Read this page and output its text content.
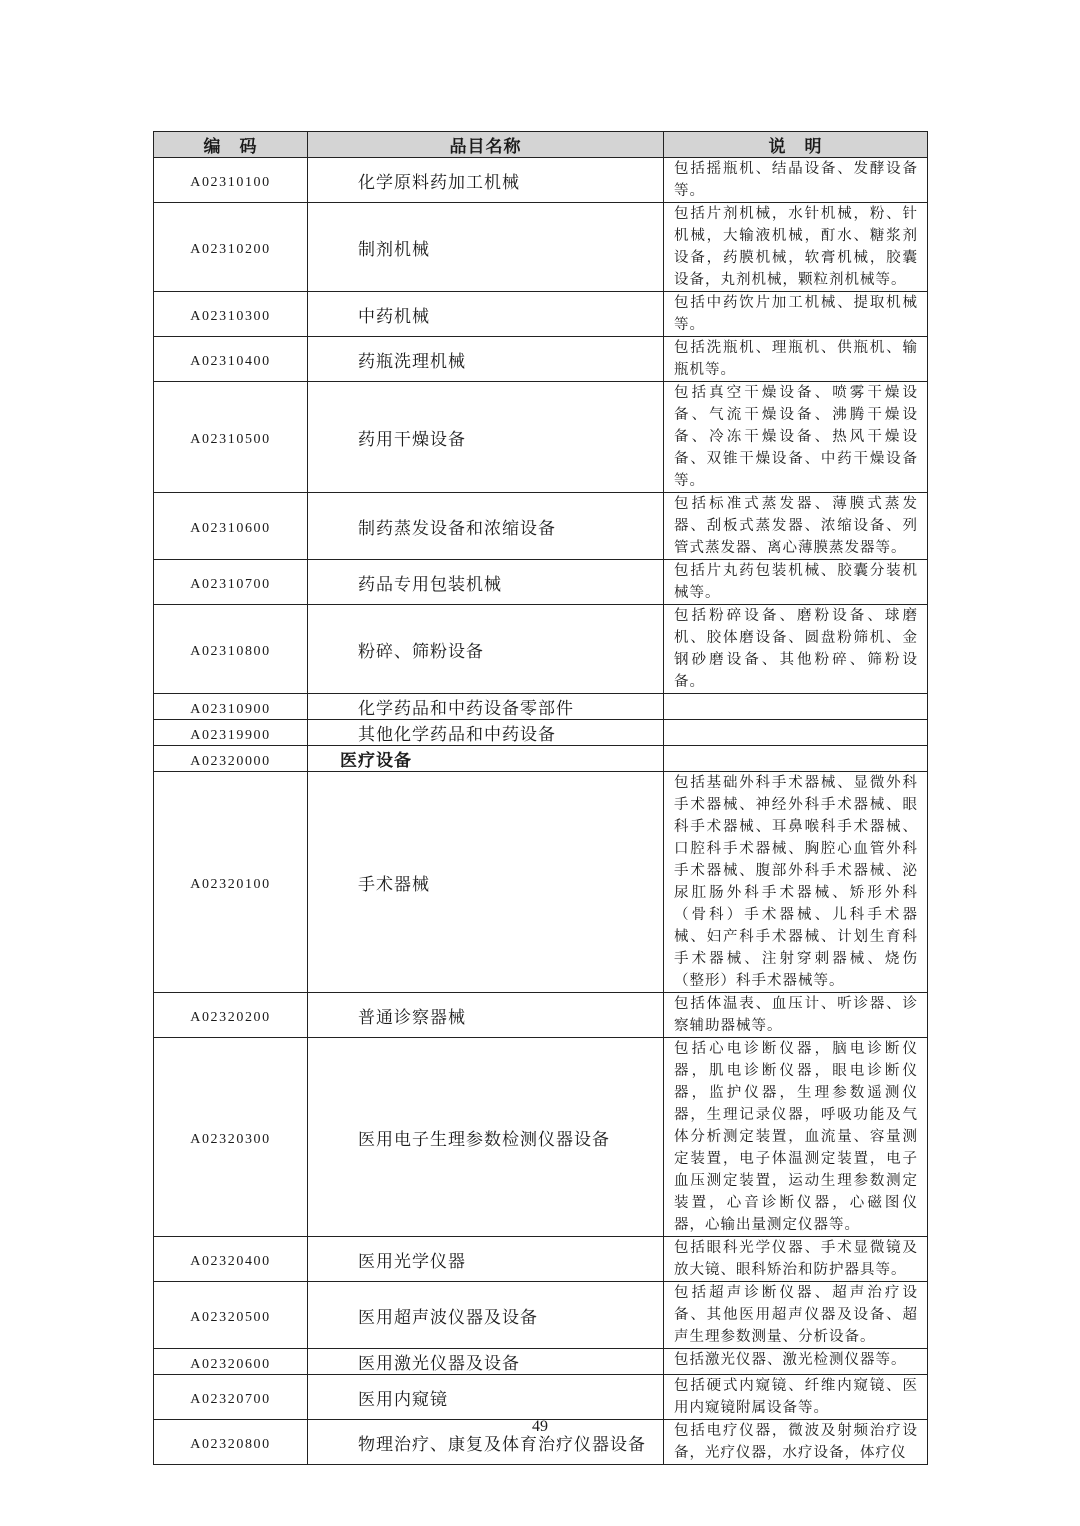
编　码	品目名称	说　明
A02310100	化学原料药加工机械	包括摇瓶机、结晶设备、发酵设备等。
A02310200	制剂机械	包括片剂机械，水针机械，粉、针机械，大输液机械，酊水、糖浆剂设备，药膜机械，软膏机械，胶囊设备，丸剂机械，颗粒剂机械等。
A02310300	中药机械	包括中药饮片加工机械、提取机械等。
A02310400	药瓶洗理机械	包括洗瓶机、理瓶机、供瓶机、输瓶机等。
A02310500	药用干燥设备	包括真空干燥设备、喷雾干燥设备、气流干燥设备、沸腾干燥设备、冷冻干燥设备、热风干燥设备、双锥干燥设备、中药干燥设备等。
A02310600	制药蒸发设备和浓缩设备	包括标准式蒸发器、薄膜式蒸发器、刮板式蒸发器、浓缩设备、列管式蒸发器、离心薄膜蒸发器等。
A02310700	药品专用包装机械	包括片丸药包装机械、胶囊分装机械等。
A02310800	粉碎、筛粉设备	包括粉碎设备、磨粉设备、球磨机、胶体磨设备、圆盘粉筛机、金钢砂磨设备、其他粉碎、筛粉设备。
A02310900	化学药品和中药设备零部件	
A02319900	其他化学药品和中药设备	
A02320000	医疗设备	
A02320100	手术器械	包括基础外科手术器械、显微外科手术器械、神经外科手术器械、眼科手术器械、耳鼻喉科手术器械、口腔科手术器械、胸腔心血管外科手术器械、腹部外科手术器械、泌尿肛肠外科手术器械、矫形外科（骨科）手术器械、儿科手术器械、妇产科手术器械、计划生育科手术器械、注射穿刺器械、烧伤（整形）科手术器械等。
A02320200	普通诊察器械	包括体温表、血压计、听诊器、诊察辅助器械等。
A02320300	医用电子生理参数检测仪器设备	包括心电诊断仪器，脑电诊断仪器，肌电诊断仪器，眼电诊断仪器，监护仪器，生理参数遥测仪器，生理记录仪器，呼吸功能及气体分析测定装置，血流量、容量测定装置，电子体温测定装置，电子血压测定装置，运动生理参数测定装置，心音诊断仪器，心磁图仪器，心输出量测定仪器等。
A02320400	医用光学仪器	包括眼科光学仪器、手术显微镜及放大镜、眼科矫治和防护器具等。
A02320500	医用超声波仪器及设备	包括超声诊断仪器、超声治疗设备、其他医用超声仪器及设备、超声生理参数测量、分析设备。
A02320600	医用激光仪器及设备	包括激光仪器、激光检测仪器等。
A02320700	医用内窥镜	包括硬式内窥镜、纤维内窥镜、医用内窥镜附属设备等。
A02320800	物理治疗、康复及体育治疗仪器设备	包括电疗仪器，微波及射频治疗设备，光疗仪器，水疗设备，体疗仪
49
